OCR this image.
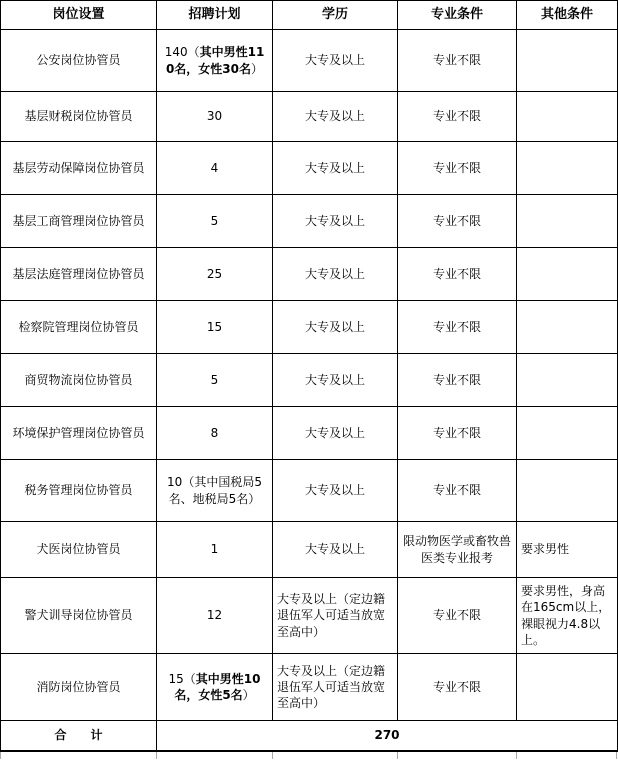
岗位设置	招聘计划	学历	专业条件	其他条件
公安岗位协管员	140（其中男性110名，女性30名）	大专及以上	专业不限	
基层财税岗位协管员	30	大专及以上	专业不限	
基层劳动保障岗位协管员	4	大专及以上	专业不限	
基层工商管理岗位协管员	5	大专及以上	专业不限	
基层法庭管理岗位协管员	25	大专及以上	专业不限	
检察院管理岗位协管员	15	大专及以上	专业不限	
商贸物流岗位协管员	5	大专及以上	专业不限	
环境保护管理岗位协管员	8	大专及以上	专业不限	
税务管理岗位协管员	10（其中国税局5名、地税局5名）	大专及以上	专业不限	
犬医岗位协管员	1	大专及以上	限动物医学或畜牧兽医类专业报考	要求男性
警犬训导岗位协管员	12	大专及以上（定边籍退伍军人可适当放宽至高中）	专业不限	要求男性，身高在165cm以上，裸眼视力4.8以上。
消防岗位协管员	15（其中男性10名，女性5名）	大专及以上（定边籍退伍军人可适当放宽至高中）	专业不限	
合　　计	270			
